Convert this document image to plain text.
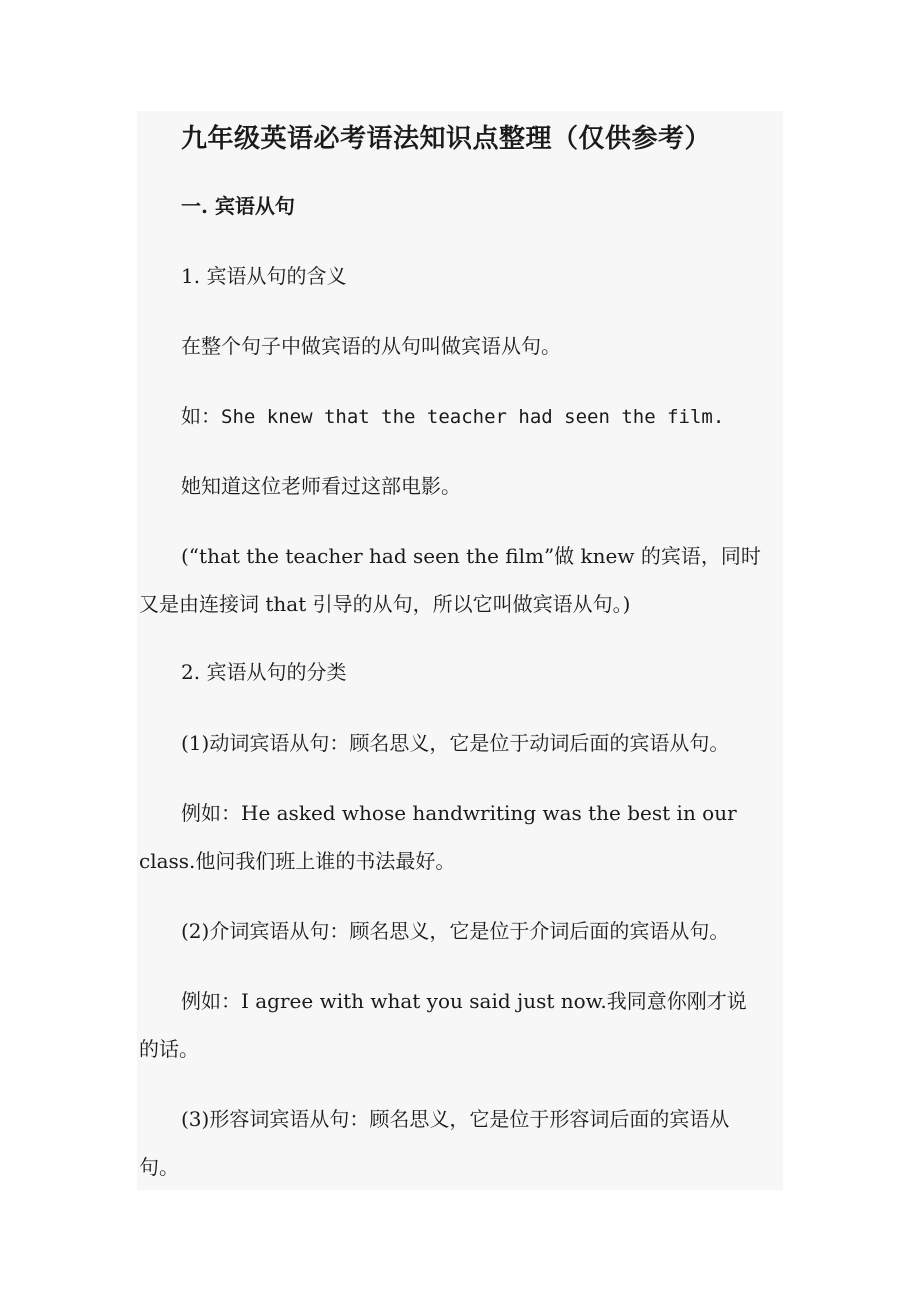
九年级英语必考语法知识点整理（仅供参考）
一. 宾语从句
1. 宾语从句的含义
在整个句子中做宾语的从句叫做宾语从句。
如：She knew that the teacher had seen the film.
她知道这位老师看过这部电影。
(“that the teacher had seen the film”做 knew 的宾语，同时
又是由连接词 that 引导的从句，所以它叫做宾语从句。)
2. 宾语从句的分类
(1)动词宾语从句：顾名思义，它是位于动词后面的宾语从句。
例如：He asked whose handwriting was the best in our
class.他问我们班上谁的书法最好。
(2)介词宾语从句：顾名思义，它是位于介词后面的宾语从句。
例如：I agree with what you said just now.我同意你刚才说
的话。
(3)形容词宾语从句：顾名思义，它是位于形容词后面的宾语从
句。
